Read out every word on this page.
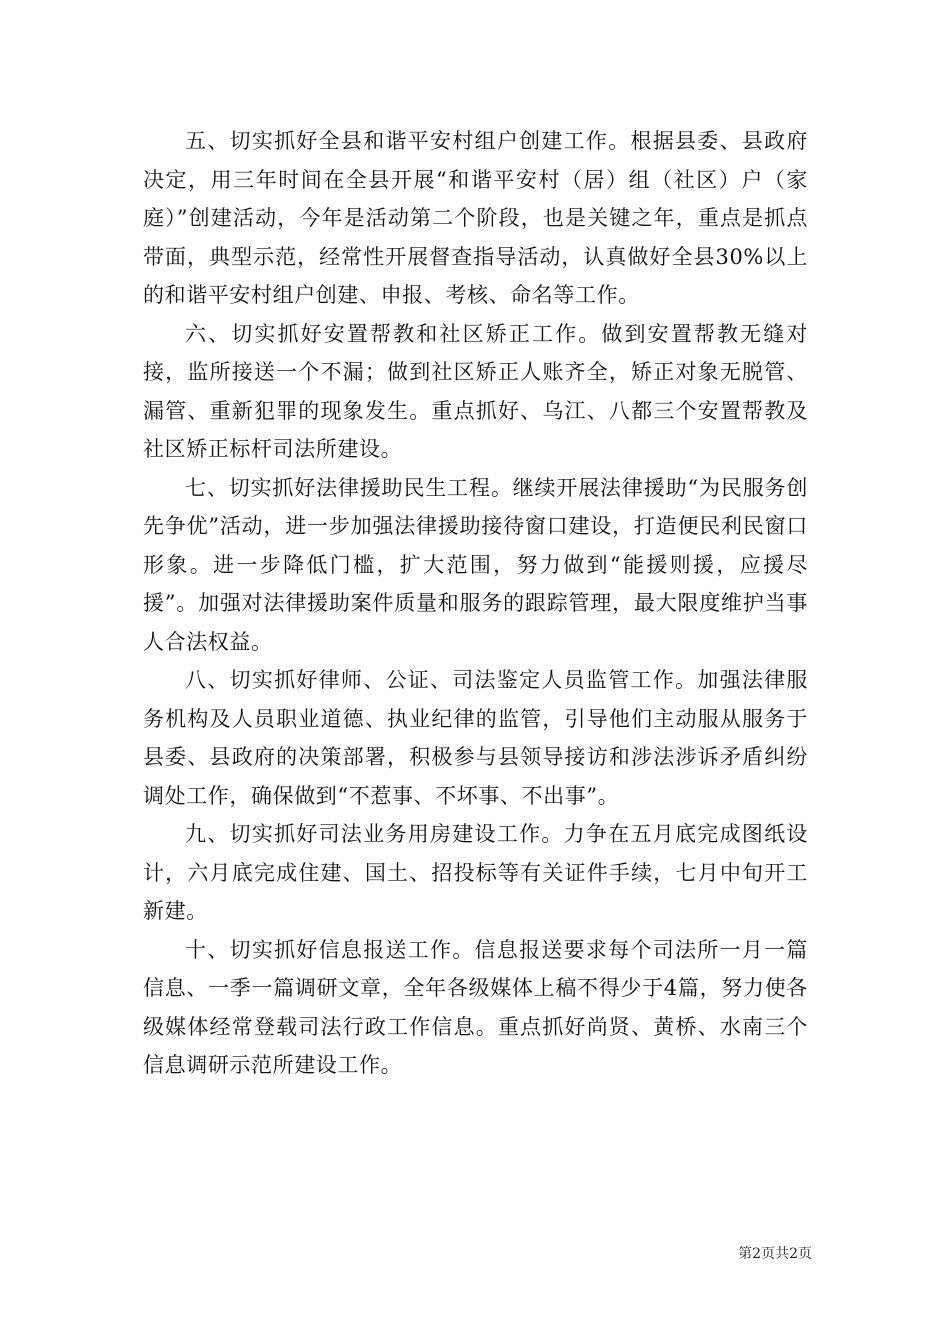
五、切实抓好全县和谐平安村组户创建工作。根据县委、县政府决定，用三年时间在全县开展“和谐平安村（居）组（社区）户（家庭）”创建活动，今年是活动第二个阶段，也是关键之年，重点是抓点带面，典型示范，经常性开展督查指导活动，认真做好全县30%以上的和谐平安村组户创建、申报、考核、命名等工作。

六、切实抓好安置帮教和社区矫正工作。做到安置帮教无缝对接，监所接送一个不漏；做到社区矫正人账齐全，矫正对象无脱管、漏管、重新犯罪的现象发生。重点抓好、乌江、八都三个安置帮教及社区矫正标杆司法所建设。

七、切实抓好法律援助民生工程。继续开展法律援助“为民服务创先争优”活动，进一步加强法律援助接待窗口建设，打造便民利民窗口形象。进一步降低门槛，扩大范围，努力做到“能援则援，应援尽援”。加强对法律援助案件质量和服务的跟踪管理，最大限度维护当事人合法权益。

八、切实抓好律师、公证、司法鉴定人员监管工作。加强法律服务机构及人员职业道德、执业纪律的监管，引导他们主动服从服务于县委、县政府的决策部署，积极参与县领导接访和涉法涉诉矛盾纠纷调处工作，确保做到“不惹事、不坏事、不出事”。

九、切实抓好司法业务用房建设工作。力争在五月底完成图纸设计，六月底完成住建、国土、招投标等有关证件手续，七月中旬开工新建。

十、切实抓好信息报送工作。信息报送要求每个司法所一月一篇信息、一季一篇调研文章，全年各级媒体上稿不得少于4篇，努力使各级媒体经常登载司法行政工作信息。重点抓好尚贤、黄桥、水南三个信息调研示范所建设工作。

第2页共2页
